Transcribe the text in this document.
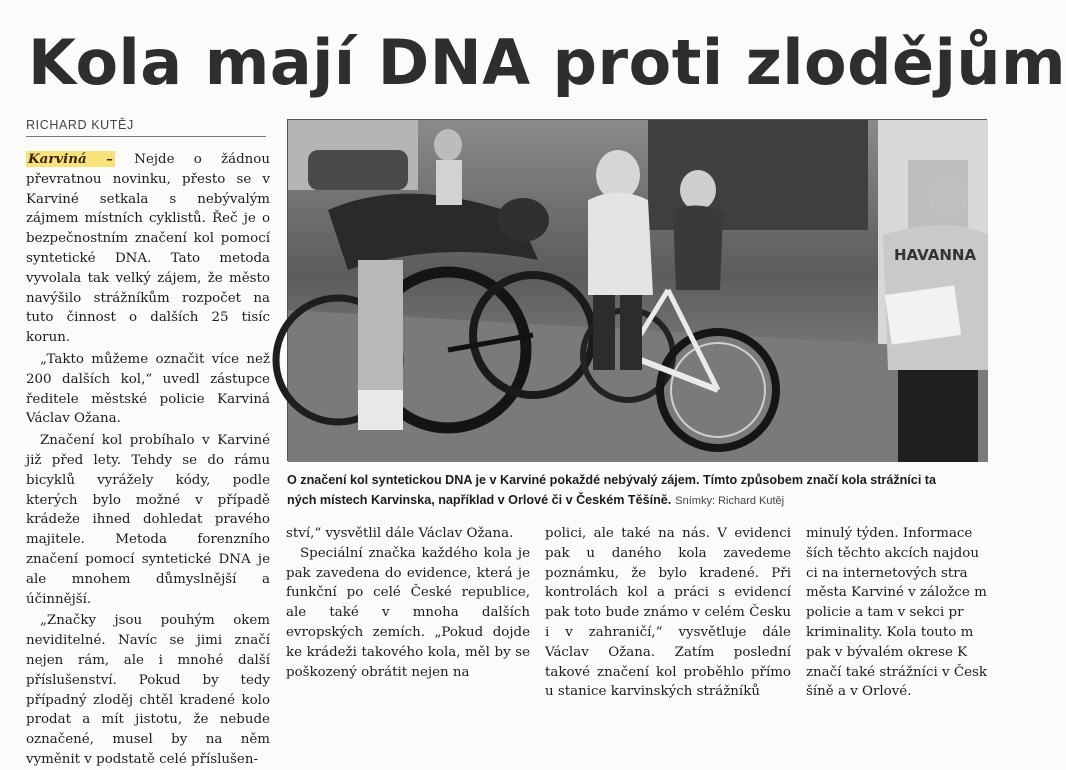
Kola mají DNA proti zlodějům
RICHARD KUTĚJ

Karviná – Nejde o žádnou převratnou novinku, přesto se v Karviné setkala s nebývalým zájmem místních cyklistů. Řeč je o bezpečnostním značení kol pomocí syntetické DNA. Tato metoda vyvolala tak velký zájem, že město navýšilo strážníkům rozpočet na tuto činnost o dalších 25 tisíc korun.

„Takto můžeme označit více než 200 dalších kol,“ uvedl zástupce ředitele městské policie Karviná Václav Ožana.

Značení kol probíhalo v Karviné již před lety. Tehdy se do rámu bicyklů vyrážely kódy, podle kterých bylo možné v případě krádeže ihned dohledat pravého majitele. Metoda forenzního značení pomocí syntetické DNA je ale mnohem důmyslnější a účinnější.

„Značky jsou pouhým okem neviditelné. Navíc se jimi značí nejen rám, ale i mnohé další příslušenství. Pokud by tedy případný zloděj chtěl kradené kolo prodat a mít jistotu, že nebude označené, musel by na něm vyměnit v podstatě celé příslušen-

HAVANNA
O značení kol syntetickou DNA je v Karviné pokaždé nebývalý zájem. Tímto způsobem značí kola strážníci ta
ných místech Karvinska, například v Orlové či v Českém Těšíně. Snímky: Richard Kutěj

ství,“ vysvětlil dále Václav Ožana.

Speciální značka každého kola je pak zavedena do evidence, která je funkční po celé České republice, ale také v mnoha dalších evropských zemích. „Pokud dojde ke krádeži takového kola, měl by se poškozený obrátit nejen na

polici, ale také na nás. V evidenci pak u daného kola zavedeme poznámku, že bylo kradené. Při kontrolách kol a práci s evidencí pak toto bude známo v celém Česku i v zahraničí,“ vysvětluje dále Václav Ožana. Zatím poslední takové značení kol proběhlo přímo u stanice karvinských strážníků

minulý týden. Informace
ších těchto akcích najdou
ci na internetových stra
města Karviné v záložce m
policie a tam v sekci pr
kriminality. Kola touto m
pak v bývalém okrese K
značí také strážníci v Česk
šíně a v Orlové.
